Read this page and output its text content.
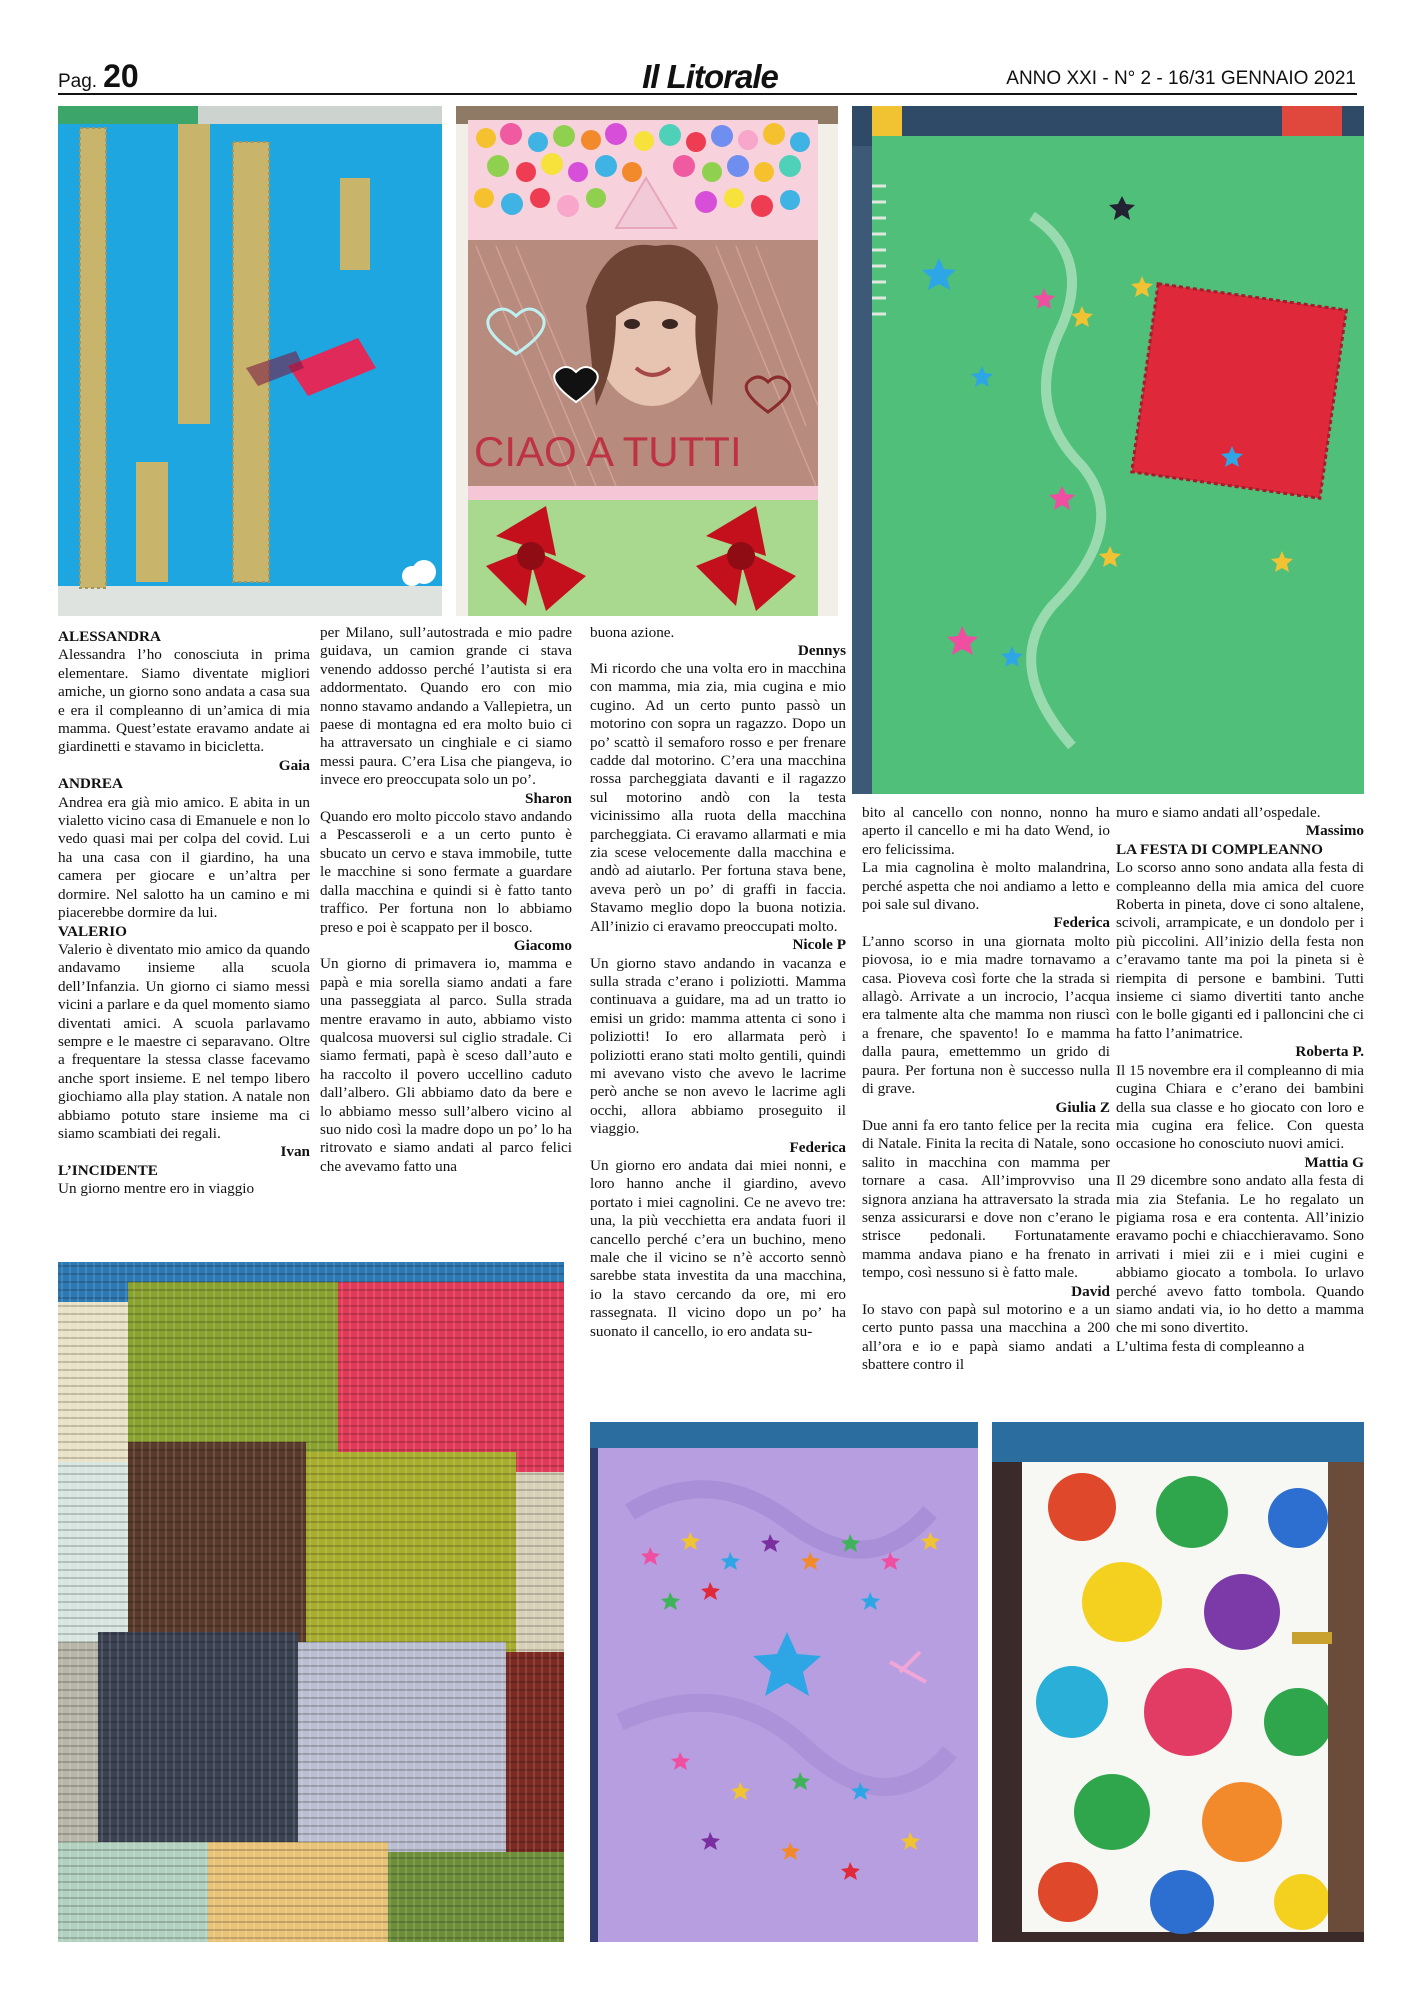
Pag. 20	Il Litorale	ANNO XXI - N° 2 - 16/31 GENNAIO 2021
CIAO A TUTTI

ALESSANDRA

Alessandra l’ho conosciuta in prima elementare. Siamo diventate migliori amiche, un giorno sono andata a casa sua e era il compleanno di un’amica di mia mamma. Quest’estate eravamo andate ai giardinetti e stavamo in bicicletta.

Gaia

ANDREA

Andrea era già mio amico. E abita in un vialetto vicino casa di Emanuele e non lo vedo quasi mai per colpa del covid. Lui ha una casa con il giardino, ha una camera per giocare e un’altra per dormire. Nel salotto ha un camino e mi piacerebbe dormire da lui.

VALERIO

Valerio è diventato mio amico da quando andavamo insieme alla scuola dell’Infanzia. Un giorno ci siamo messi vicini a parlare e da quel momento siamo diventati amici. A scuola parlavamo sempre e le maestre ci separavano. Oltre a frequentare la stessa classe facevamo anche sport insieme. E nel tempo libero giochiamo alla play station. A natale non abbiamo potuto stare insieme ma ci siamo scambiati dei regali.

Ivan

L’INCIDENTE

Un giorno mentre ero in viaggio

per Milano, sull’autostrada e mio padre guidava, un camion grande ci stava venendo addosso perché l’autista si era addormentato. Quando ero con mio nonno stavamo andando a Vallepietra, un paese di montagna ed era molto buio ci ha attraversato un cinghiale e ci siamo messi paura. C’era Lisa che piangeva, io invece ero preoccupata solo un po’.

Sharon

Quando ero molto piccolo stavo andando a Pescasseroli e a un certo punto è sbucato un cervo e stava immobile, tutte le macchine si sono fermate a guardare dalla macchina e quindi si è fatto tanto traffico. Per fortuna non lo abbiamo preso e poi è scappato per il bosco.

Giacomo

Un giorno di primavera io, mamma e papà e mia sorella siamo andati a fare una passeggiata al parco. Sulla strada mentre eravamo in auto, abbiamo visto qualcosa muoversi sul ciglio stradale. Ci siamo fermati, papà è sceso dall’auto e ha raccolto il povero uccellino caduto dall’albero. Gli abbiamo dato da bere e lo abbiamo messo sull’albero vicino al suo nido così la madre dopo un po’ lo ha ritrovato e siamo andati al parco felici che avevamo fatto una

buona azione.

Dennys

Mi ricordo che una volta ero in macchina con mamma, mia zia, mia cugina e mio cugino. Ad un certo punto passò un motorino con sopra un ragazzo. Dopo un po’ scattò il semaforo rosso e per frenare cadde dal motorino. C’era una macchina rossa parcheggiata davanti e il ragazzo sul motorino andò con la testa vicinissimo alla ruota della macchina parcheggiata. Ci eravamo allarmati e mia zia scese velocemente dalla macchina e andò ad aiutarlo. Per fortuna stava bene, aveva però un po’ di graffi in faccia. Stavamo meglio dopo la buona notizia. All’inizio ci eravamo preoccupati molto.

Nicole P

Un giorno stavo andando in vacanza e sulla strada c’erano i poliziotti. Mamma continuava a guidare, ma ad un tratto io emisi un grido: mamma attenta ci sono i poliziotti! Io ero allarmata però i poliziotti erano stati molto gentili, quindi mi avevano visto che avevo le lacrime però anche se non avevo le lacrime agli occhi, allora abbiamo proseguito il viaggio.

Federica

Un giorno ero andata dai miei nonni, e loro hanno anche il giardino, avevo portato i miei cagnolini. Ce ne avevo tre: una, la più vecchietta era andata fuori il cancello perché c’era un buchino, meno male che il vicino se n’è accorto sennò sarebbe stata investita da una macchina, io la stavo cercando da ore, mi ero rassegnata. Il vicino dopo un po’ ha suonato il cancello, io ero andata su-

bito al cancello con nonno, nonno ha aperto il cancello e mi ha dato Wend, io ero felicissima.

La mia cagnolina è molto malandrina, perché aspetta che noi andiamo a letto e poi sale sul divano.

Federica

L’anno scorso in una giornata molto piovosa, io e mia madre tornavamo a casa. Pioveva così forte che la strada si allagò. Arrivate a un incrocio, l’acqua era talmente alta che mamma non riuscì a frenare, che spavento! Io e mamma dalla paura, emettemmo un grido di paura. Per fortuna non è successo nulla di grave.

Giulia Z

Due anni fa ero tanto felice per la recita di Natale. Finita la recita di Natale, sono salito in macchina con mamma per tornare a casa. All’improvviso una signora anziana ha attraversato la strada senza assicurarsi e dove non c’erano le strisce pedonali. Fortunatamente mamma andava piano e ha frenato in tempo, così nessuno si è fatto male.

David

Io stavo con papà sul motorino e a un certo punto passa una macchina a 200 all’ora e io e papà siamo andati a sbattere contro il

muro e siamo andati all’ospedale.

Massimo

LA FESTA DI COMPLEANNO

Lo scorso anno sono andata alla festa di compleanno della mia amica del cuore Roberta in pineta, dove ci sono altalene, scivoli, arrampicate, e un dondolo per i più piccolini. All’inizio della festa non c’eravamo tante ma poi la pineta si è riempita di persone e bambini. Tutti insieme ci siamo divertiti tanto anche con le bolle giganti ed i palloncini che ci ha fatto l’animatrice.

Roberta P.

Il 15 novembre era il compleanno di mia cugina Chiara e c’erano dei bambini della sua classe e ho giocato con loro e mia cugina era felice. Con questa occasione ho conosciuto nuovi amici.

Mattia G

Il 29 dicembre sono andato alla festa di mia zia Stefania. Le ho regalato un pigiama rosa e era contenta. All’inizio eravamo pochi e chiacchieravamo. Sono arrivati i miei zii e i miei cugini e abbiamo giocato a tombola. Io urlavo perché avevo fatto tombola. Quando siamo andati via, io ho detto a mamma che mi sono divertito.

L’ultima festa di compleanno a
